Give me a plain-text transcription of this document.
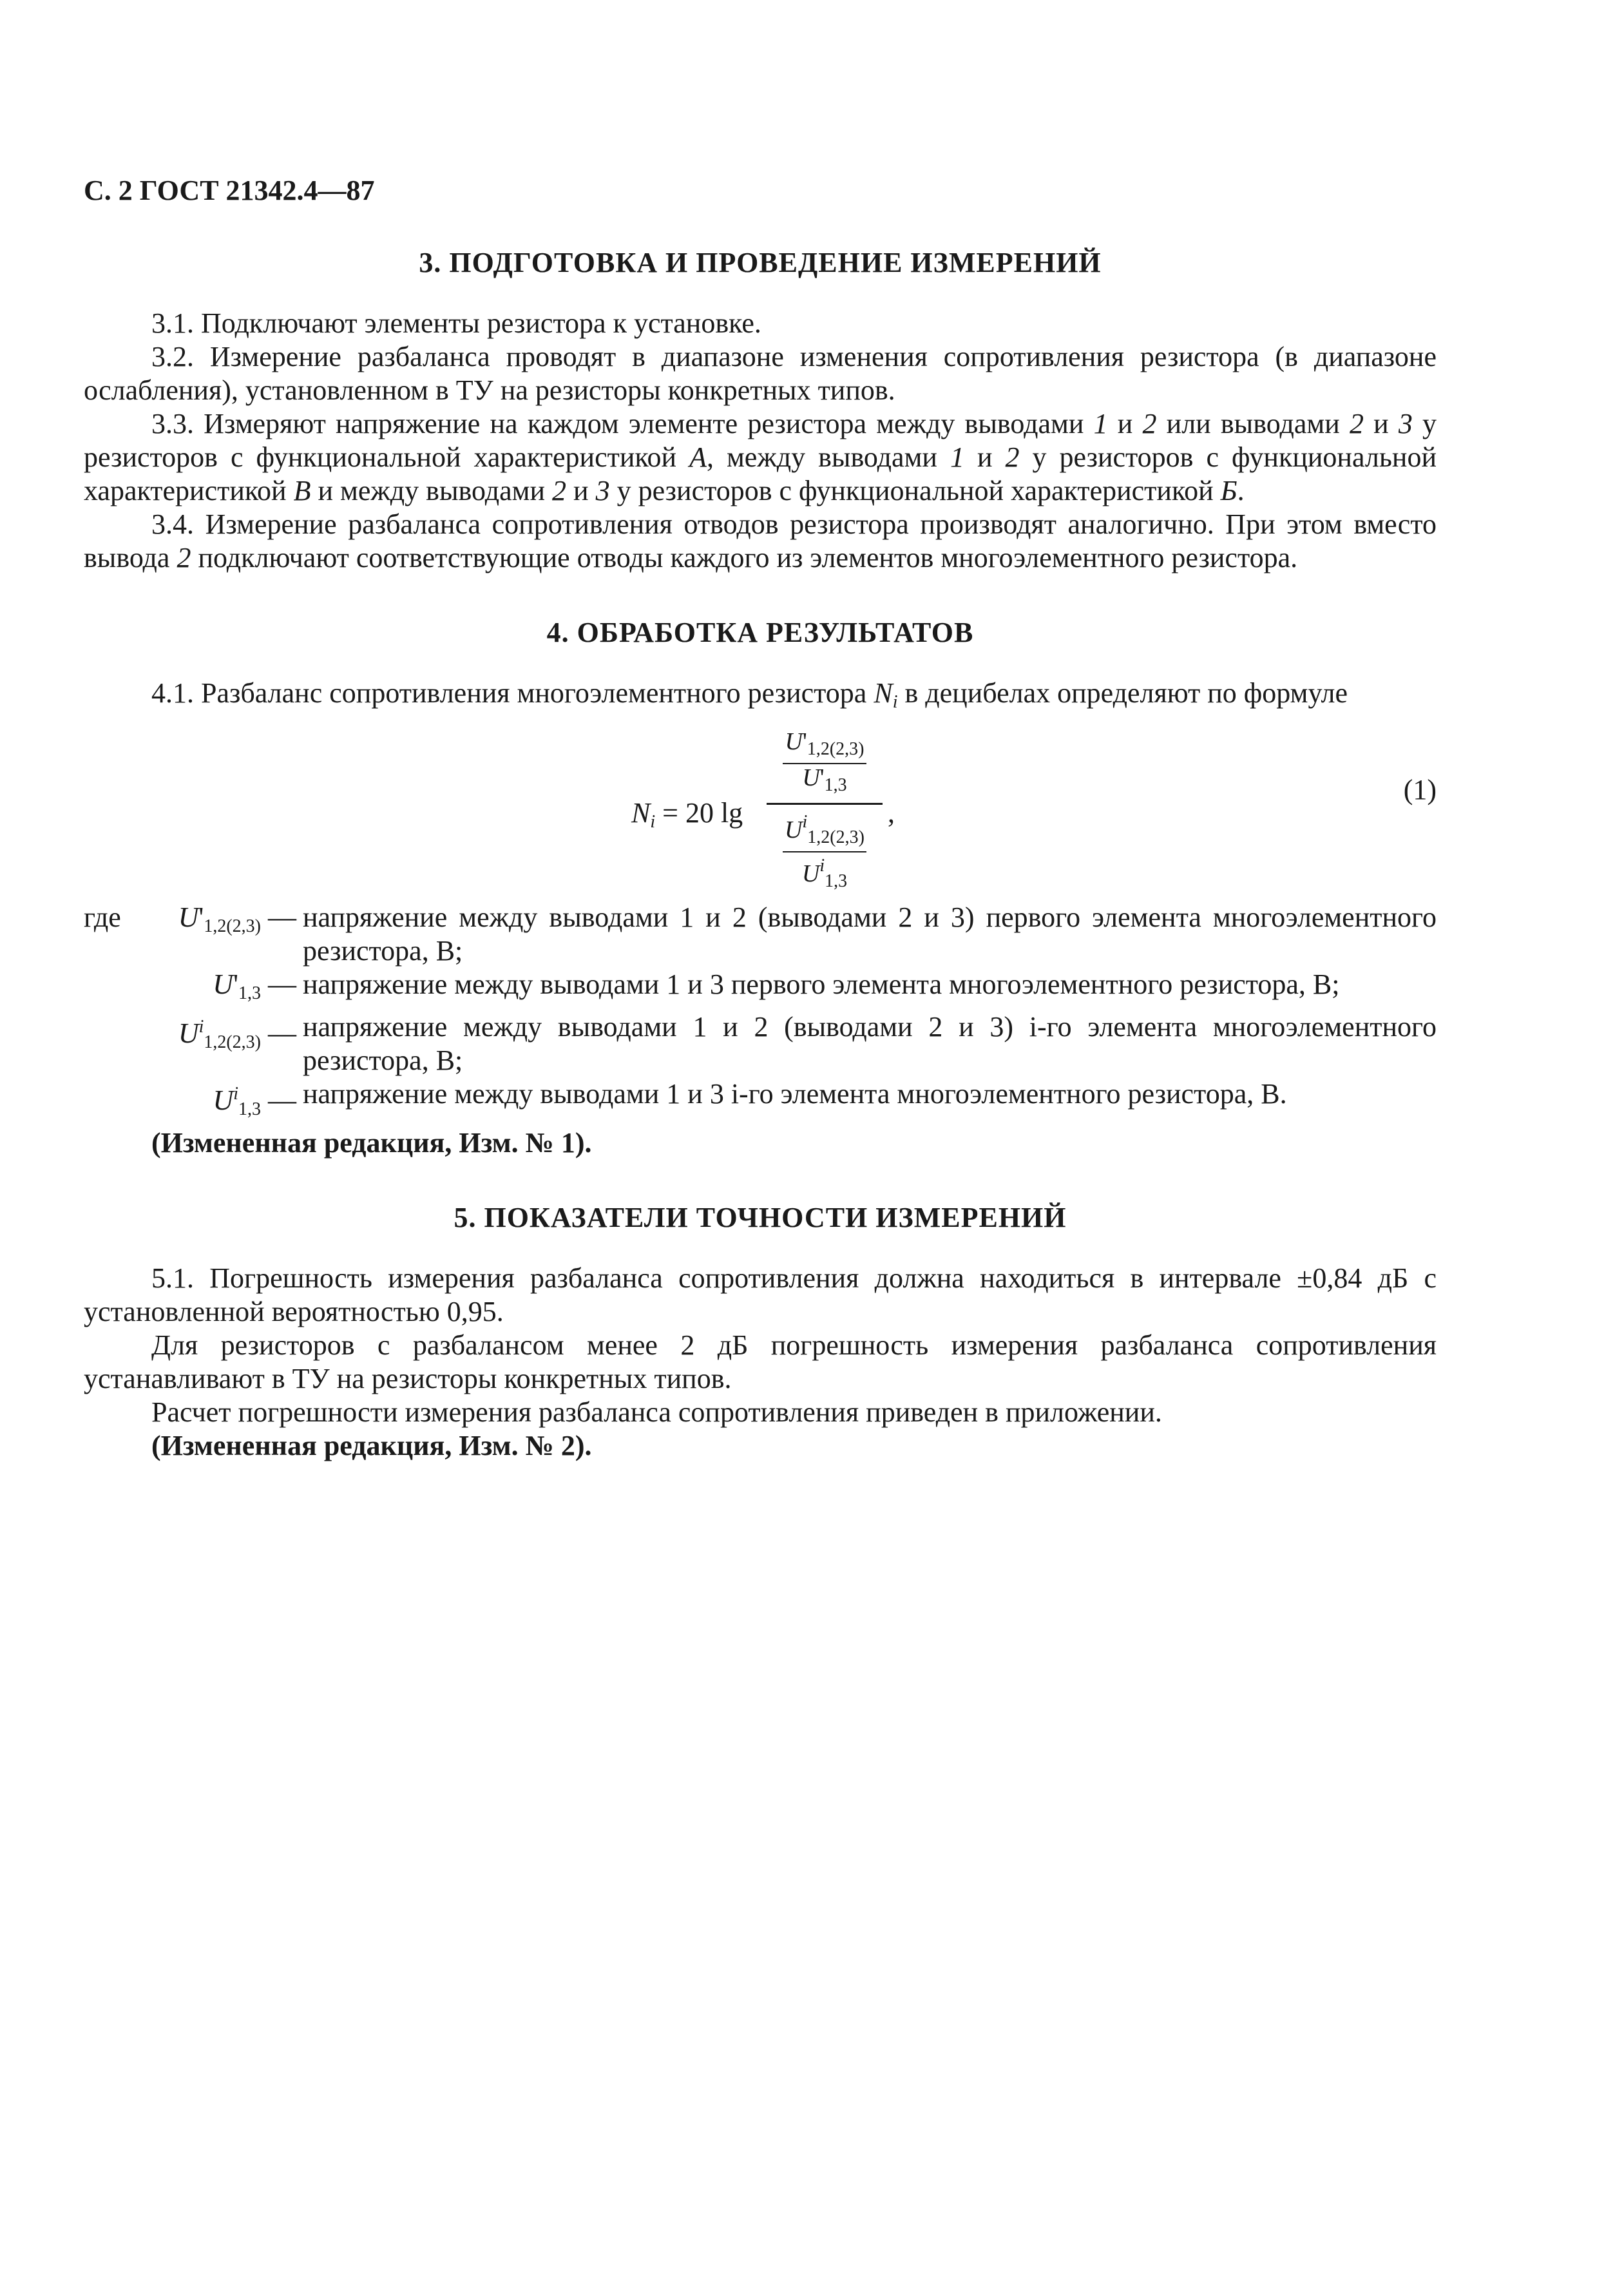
С. 2 ГОСТ 21342.4—87
3. ПОДГОТОВКА И ПРОВЕДЕНИЕ ИЗМЕРЕНИЙ

3.1. Подключают элементы резистора к установке.

3.2. Измерение разбаланса проводят в диапазоне изменения сопротивления резистора (в диапазоне ослабления), установленном в ТУ на резисторы конкретных типов.

3.3. Измеряют напряжение на каждом элементе резистора между выводами 1 и 2 или выводами 2 и 3 у резисторов с функциональной характеристикой А, между выводами 1 и 2 у резисторов с функциональной характеристикой В и между выводами 2 и 3 у резисторов с функциональной характеристикой Б.

3.4. Измерение разбаланса сопротивления отводов резистора производят аналогично. При этом вместо вывода 2 подключают соответствующие отводы каждого из элементов многоэлементного резистора.

4. ОБРАБОТКА РЕЗУЛЬТАТОВ

4.1. Разбаланс сопротивления многоэлементного резистора $N_i$ в децибелах определяют по формуле

$N_i = 20$ lg
$U'_{1,2(2,3)}$
$U'_{1,3}$
$U^i_{1,2(2,3)}$
$U^i_{1,3}$
,
(1)
где $U'_{1,2(2,3)}$ — напряжение между выводами 1 и 2 (выводами 2 и 3) первого элемента многоэлементного резистора, В;
$U'_{1,3}$ — напряжение между выводами 1 и 3 первого элемента многоэлементного резистора, В;
$U^i_{1,2(2,3)}$ — напряжение между выводами 1 и 2 (выводами 2 и 3) i-го элемента многоэлементного резистора, В;
$U^i_{1,3}$ — напряжение между выводами 1 и 3 i-го элемента многоэлементного резистора, В.

(Измененная редакция, Изм. № 1).

5. ПОКАЗАТЕЛИ ТОЧНОСТИ ИЗМЕРЕНИЙ

5.1. Погрешность измерения разбаланса сопротивления должна находиться в интервале ±0,84 дБ с установленной вероятностью 0,95.

Для резисторов с разбалансом менее 2 дБ погрешность измерения разбаланса сопротивления устанавливают в ТУ на резисторы конкретных типов.

Расчет погрешности измерения разбаланса сопротивления приведен в приложении.

(Измененная редакция, Изм. № 2).
